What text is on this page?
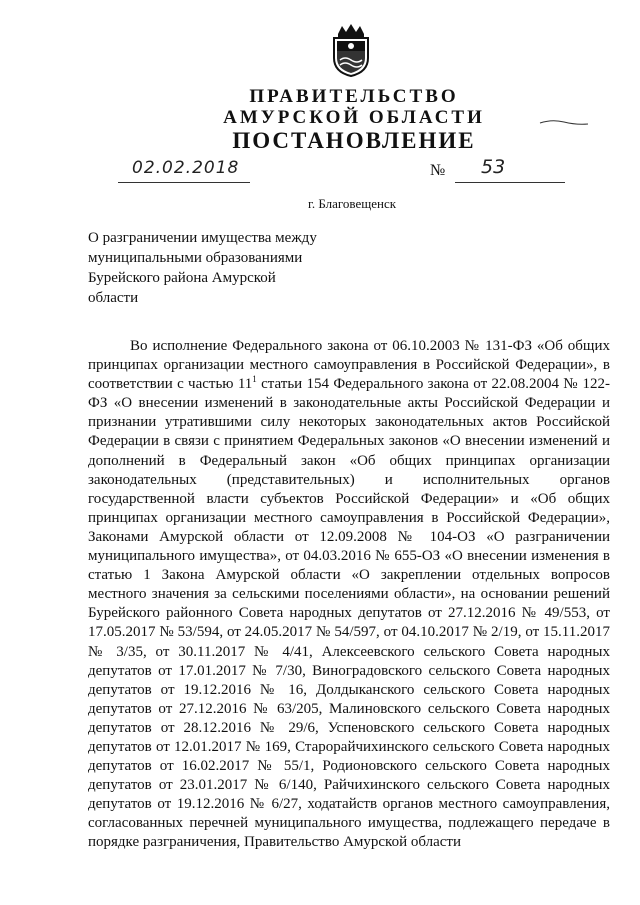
ПРАВИТЕЛЬСТВО

АМУРСКОЙ ОБЛАСТИ

ПОСТАНОВЛЕНИЕ

02.02.2018	№ 53
г. Благовещенск
О разграничении имущества между
муниципальными образованиями
Бурейского района Амурской
области

Во исполнение Федерального закона от 06.10.2003 № 131-ФЗ «Об общих принципах организации местного самоуправления в Российской Федерации», в соответствии с частью $11^1$ статьи 154 Федерального закона от 22.08.2004 № 122-ФЗ «О внесении изменений в законодательные акты Российской Федерации и признании утратившими силу некоторых законодательных актов Российской Федерации в связи с принятием Федеральных законов «О внесении изменений и дополнений в Федеральный закон «Об общих принципах организации законодательных (представительных) и исполнительных органов государственной власти субъектов Российской Федерации» и «Об общих принципах организации местного самоуправления в Российской Федерации», Законами Амурской области от 12.09.2008 № 104-ОЗ «О разграничении муниципального имущества», от 04.03.2016 № 655-ОЗ «О внесении изменения в статью 1 Закона Амурской области «О закреплении отдельных вопросов местного значения за сельскими поселениями области», на основании решений Бурейского районного Совета народных депутатов от 27.12.2016 № 49/553, от 17.05.2017 № 53/594, от 24.05.2017 № 54/597, от 04.10.2017 № 2/19, от 15.11.2017 № 3/35, от 30.11.2017 № 4/41, Алексеевского сельского Совета народных депутатов от 17.01.2017 № 7/30, Виноградовского сельского Совета народных депутатов от 19.12.2016 № 16, Долдыканского сельского Совета народных депутатов от 27.12.2016 № 63/205, Малиновского сельского Совета народных депутатов от 28.12.2016 № 29/6, Успеновского сельского Совета народных депутатов от 12.01.2017 № 169, Старорайчихинского сельского Совета народных депутатов от 16.02.2017 № 55/1, Родионовского сельского Совета народных депутатов от 23.01.2017 № 6/140, Райчихинского сельского Совета народных депутатов от 19.12.2016 № 6/27, ходатайств органов местного самоуправления, согласованных перечней муниципального имущества, подлежащего передаче в порядке разграничения, Правительство Амурской области
